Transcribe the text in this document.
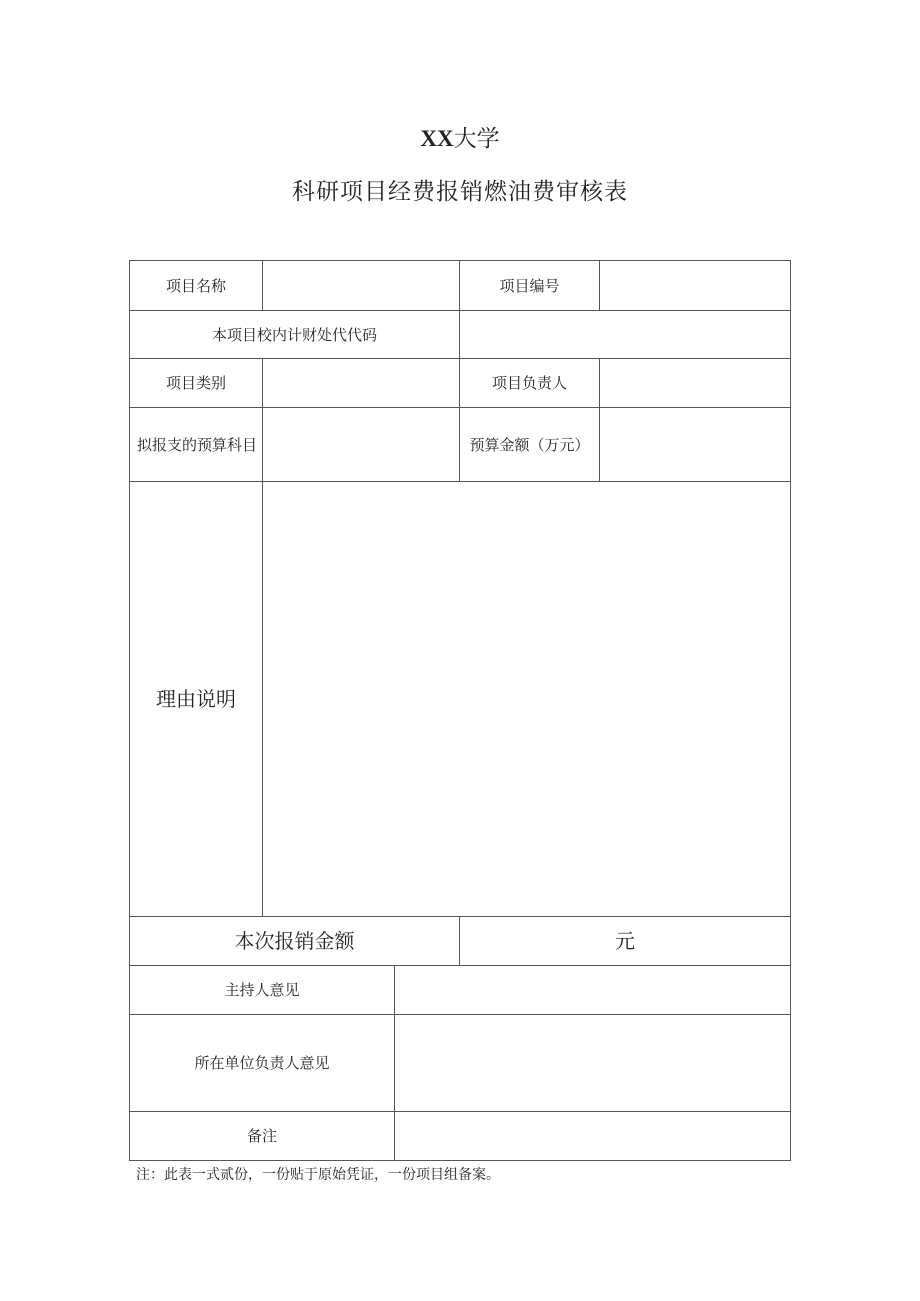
XX大学
科研项目经费报销燃油费审核表
项目名称	项目编号
本项目校内计财处代代码
项目类别	项目负责人
拟报支的预算科目	预算金额（万元）
理由说明
本次报销金额	元
主持人意见
所在单位负责人意见
备注
注：此表一式贰份，一份贴于原始凭证，一份项目组备案。
